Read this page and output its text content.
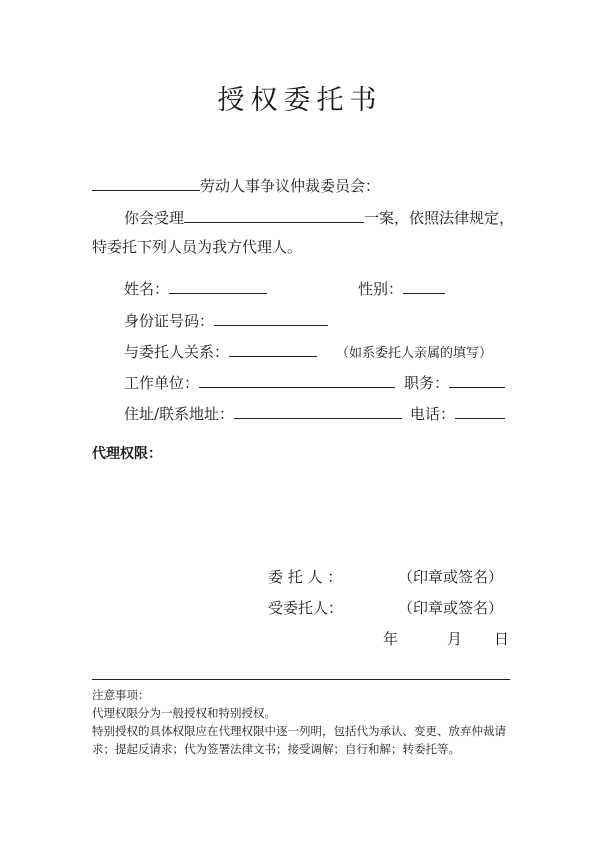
授权委托书
劳动人事争议仲裁委员会：
你会受理	一案，依照法律规定，
特委托下列人员为我方代理人。
姓名：	性别：
身份证号码：
与委托人关系：	（如系委托人亲属的填写）
工作单位：	职务：
住址/联系地址：	电话：
代理权限：
委 托 人 ：	（印章或签名）
受委托人：	（印章或签名）
年	月 日
注意事项：
代理权限分为一般授权和特别授权。
特别授权的具体权限应在代理权限中逐一列明，包括代为承认、变更、放弃仲裁请
求；提起反请求；代为签署法律文书；接受调解；自行和解；转委托等。
